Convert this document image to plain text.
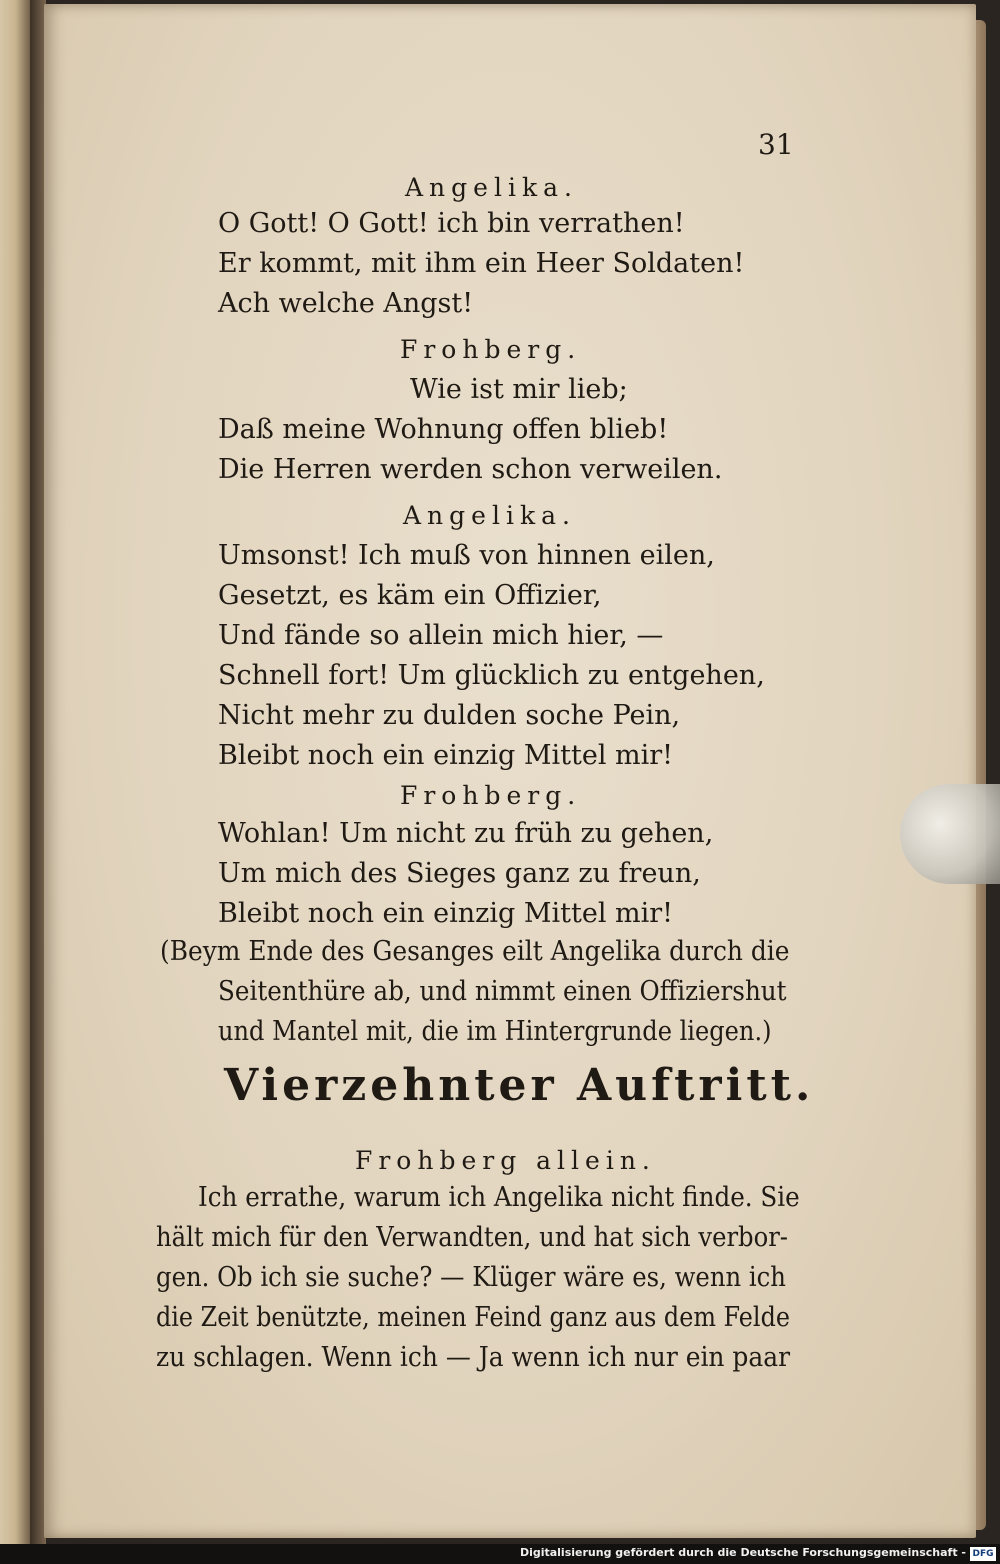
31
Angelika.
O Gott! O Gott! ich bin verrathen!
Er kommt, mit ihm ein Heer Soldaten!
Ach welche Angst!
Frohberg.
Wie ist mir lieb;
Daß meine Wohnung offen blieb!
Die Herren werden schon verweilen.
Angelika.
Umsonst! Ich muß von hinnen eilen,
Gesetzt, es käm ein Offizier,
Und fände so allein mich hier, —
Schnell fort! Um glücklich zu entgehen,
Nicht mehr zu dulden soche Pein,
Bleibt noch ein einzig Mittel mir!
Frohberg.
Wohlan! Um nicht zu früh zu gehen,
Um mich des Sieges ganz zu freun,
Bleibt noch ein einzig Mittel mir!
(Beym Ende des Gesanges eilt Angelika durch die
Seitenthüre ab, und nimmt einen Offiziershut
und Mantel mit, die im Hintergrunde liegen.)
Vierzehnter Auftritt.
Frohberg allein.
Ich errathe, warum ich Angelika nicht finde. Sie
hält mich für den Verwandten, und hat sich verbor-
gen. Ob ich sie suche? — Klüger wäre es, wenn ich
die Zeit benützte, meinen Feind ganz aus dem Felde
zu schlagen. Wenn ich — Ja wenn ich nur ein paar
Digitalisierung gefördert durch die Deutsche Forschungsgemeinschaft - DFG
